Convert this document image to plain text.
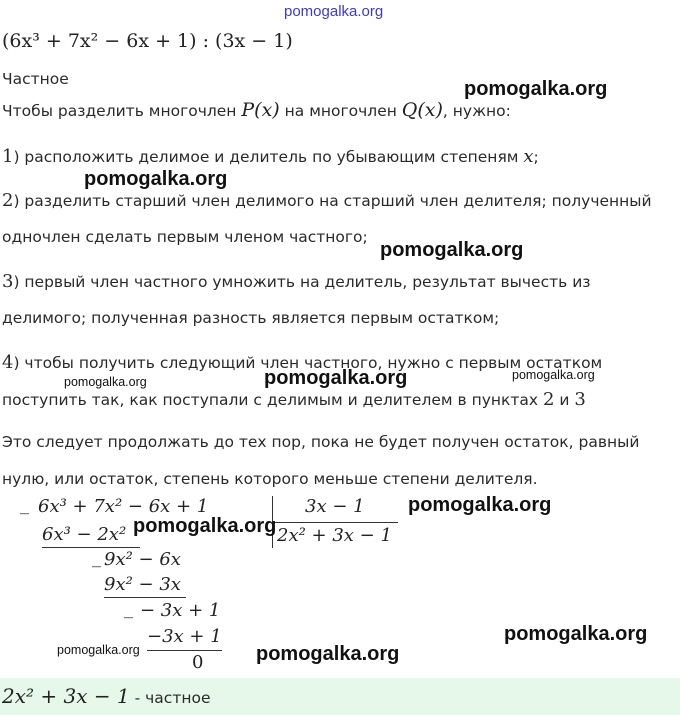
pomogalka.org
(6x³ + 7x² − 6x + 1) : (3x − 1)
Частное
Чтобы разделить многочлен P(x) на многочлен Q(x), нужно:
1) расположить делимое и делитель по убывающим степеням x;
2) разделить старший член делимого на старший член делителя; полученный
одночлен сделать первым членом частного;
3) первый член частного умножить на делитель, результат вычесть из
делимого; полученная разность является первым остатком;
4) чтобы получить следующий член частного, нужно с первым остатком
поступить так, как поступали с делимым и делителем в пунктах 2 и 3
Это следует продолжать до тех пор, пока не будет получен остаток, равный
нулю, или остаток, степень которого меньше степени делителя.
_ 6x³ + 7x² − 6x + 1	3x − 1
2x² + 3x − 1
6x³ − 2x²
_ 9x² − 6x
9x² − 3x
_ − 3x + 1
−3x + 1
0
2x² + 3x − 1 - частное
pomogalka.org
pomogalka.org
pomogalka.org
pomogalka.org
pomogalka.org	pomogalka.org
pomogalka.org
pomogalka.org
pomogalka.org
pomogalka.org	pomogalka.org
